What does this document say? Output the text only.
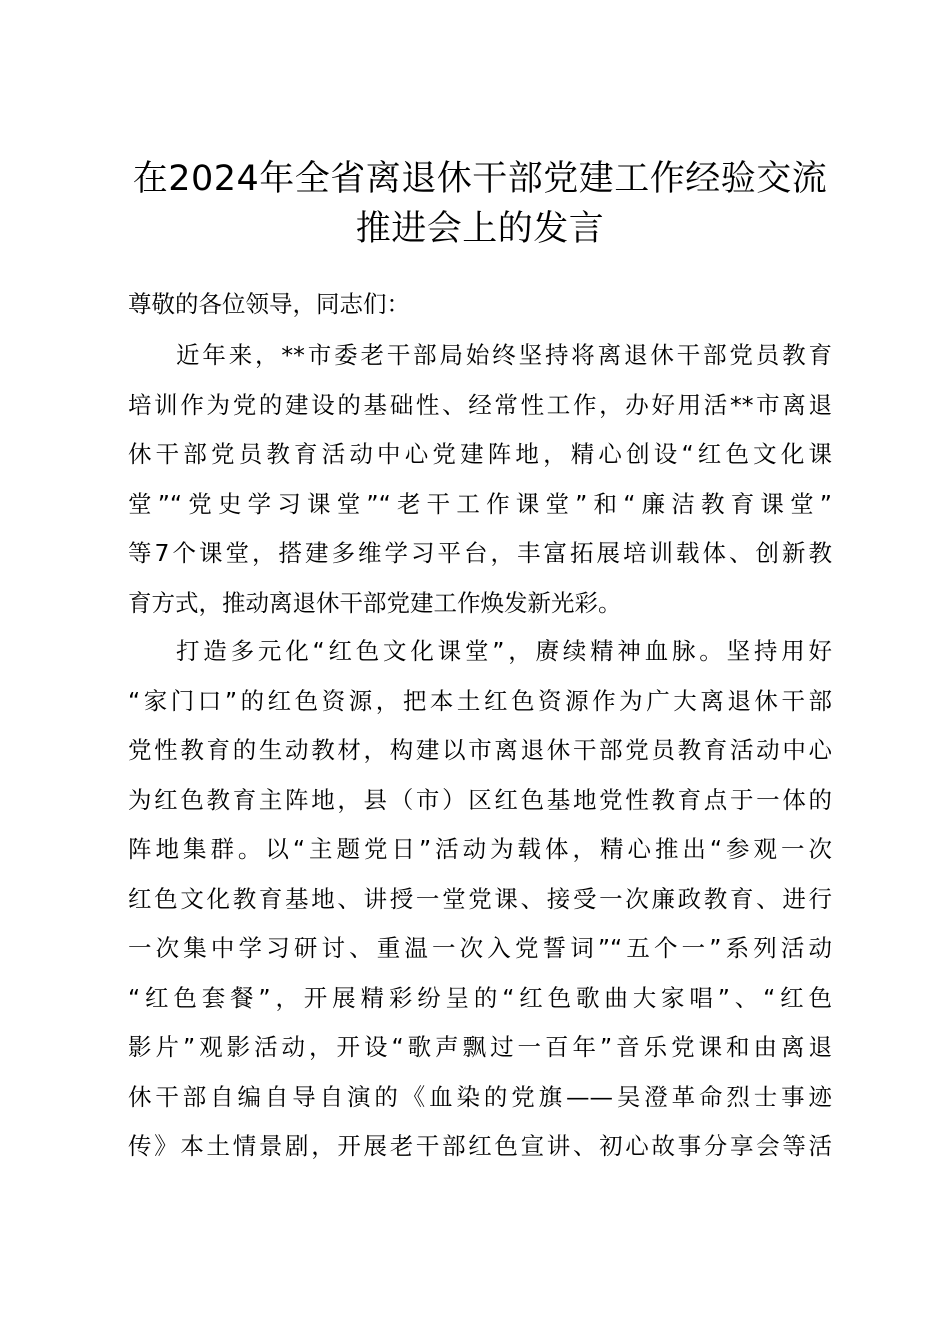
在2024年全省离退休干部党建工作经验交流
推进会上的发言
尊敬的各位领导，同志们：
近年来，**市委老干部局始终坚持将离退休干部党员教育
培训作为党的建设的基础性、经常性工作，办好用活**市离退
休干部党员教育活动中心党建阵地，精心创设“红色文化课
堂”“党史学习课堂”“老干工作课堂”和“廉洁教育课堂”
等7个课堂，搭建多维学习平台，丰富拓展培训载体、创新教
育方式，推动离退休干部党建工作焕发新光彩。
打造多元化“红色文化课堂”，赓续精神血脉。坚持用好
“家门口”的红色资源，把本土红色资源作为广大离退休干部
党性教育的生动教材，构建以市离退休干部党员教育活动中心
为红色教育主阵地，县（市）区红色基地党性教育点于一体的
阵地集群。以“主题党日”活动为载体，精心推出“参观一次
红色文化教育基地、讲授一堂党课、接受一次廉政教育、进行
一次集中学习研讨、重温一次入党誓词”“五个一”系列活动
“红色套餐”，开展精彩纷呈的“红色歌曲大家唱”、“红色
影片”观影活动，开设“歌声飘过一百年”音乐党课和由离退
休干部自编自导自演的《血染的党旗——吴澄革命烈士事迹
传》本土情景剧，开展老干部红色宣讲、初心故事分享会等活
